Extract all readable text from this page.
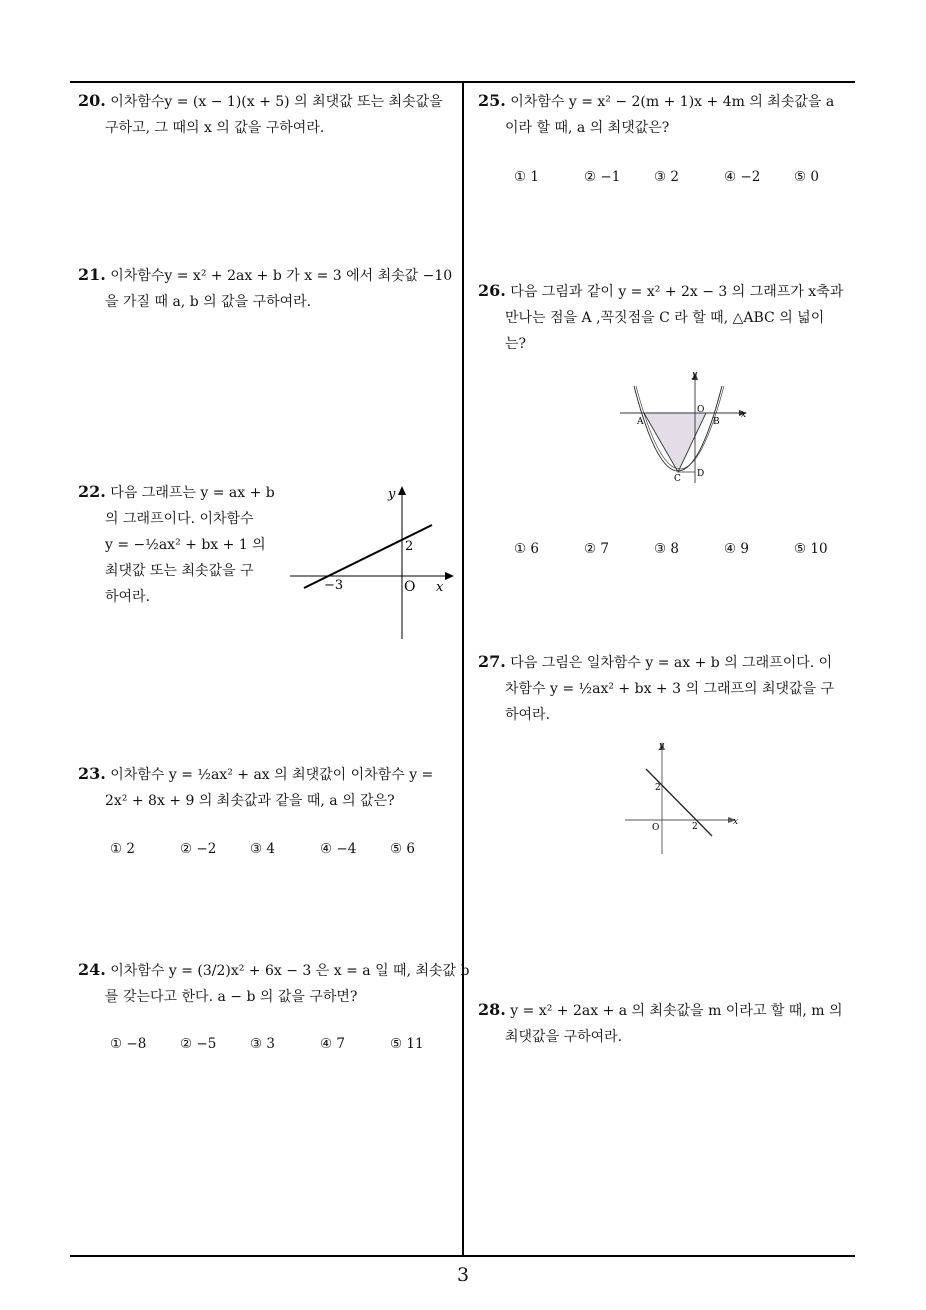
20. 이차함수y = (x − 1)(x + 5) 의 최댓값 또는 최솟값을
구하고, 그 때의 x 의 값을 구하여라.
21. 이차함수y = x² + 2ax + b 가 x = 3 에서 최솟값 −10
을 가질 때 a, b 의 값을 구하여라.
22. 다음 그래프는 y = ax + b
의 그래프이다. 이차함수
y = −½ax² + bx + 1 의
최댓값 또는 최솟값을 구
하여라.
y
x
O
2
−3
23. 이차함수 y = ½ax² + ax 의 최댓값이 이차함수 y =
2x² + 8x + 9 의 최솟값과 같을 때, a 의 값은?
① 2	② −2 ③ 4	④ −4 ⑤ 6
24. 이차함수 y = (3/2)x² + 6x − 3 은 x = a 일 때, 최솟값 b
를 갖는다고 한다. a − b 의 값을 구하면?
① −8 ② −5 ③ 3	④ 7	⑤ 11
25. 이차함수 y = x² − 2(m + 1)x + 4m 의 최솟값을 a
이라 할 때, a 의 최댓값은?
① 1	② −1 ③ 2	④ −2 ⑤ 0
26. 다음 그림과 같이 y = x² + 2x − 3 의 그래프가 x축과
만나는 점을 A ,꼭짓점을 C 라 할 때, △ABC 의 넓이
는?
y
x
O
A	B
C D
① 6	② 7	③ 8	④ 9	⑤ 10
27. 다음 그림은 일차함수 y = ax + b 의 그래프이다. 이
차함수 y = ½ax² + bx + 3 의 그래프의 최댓값을 구
하여라.
y
x
O
2
2
28. y = x² + 2ax + a 의 최솟값을 m 이라고 할 때, m 의
최댓값을 구하여라.
3
